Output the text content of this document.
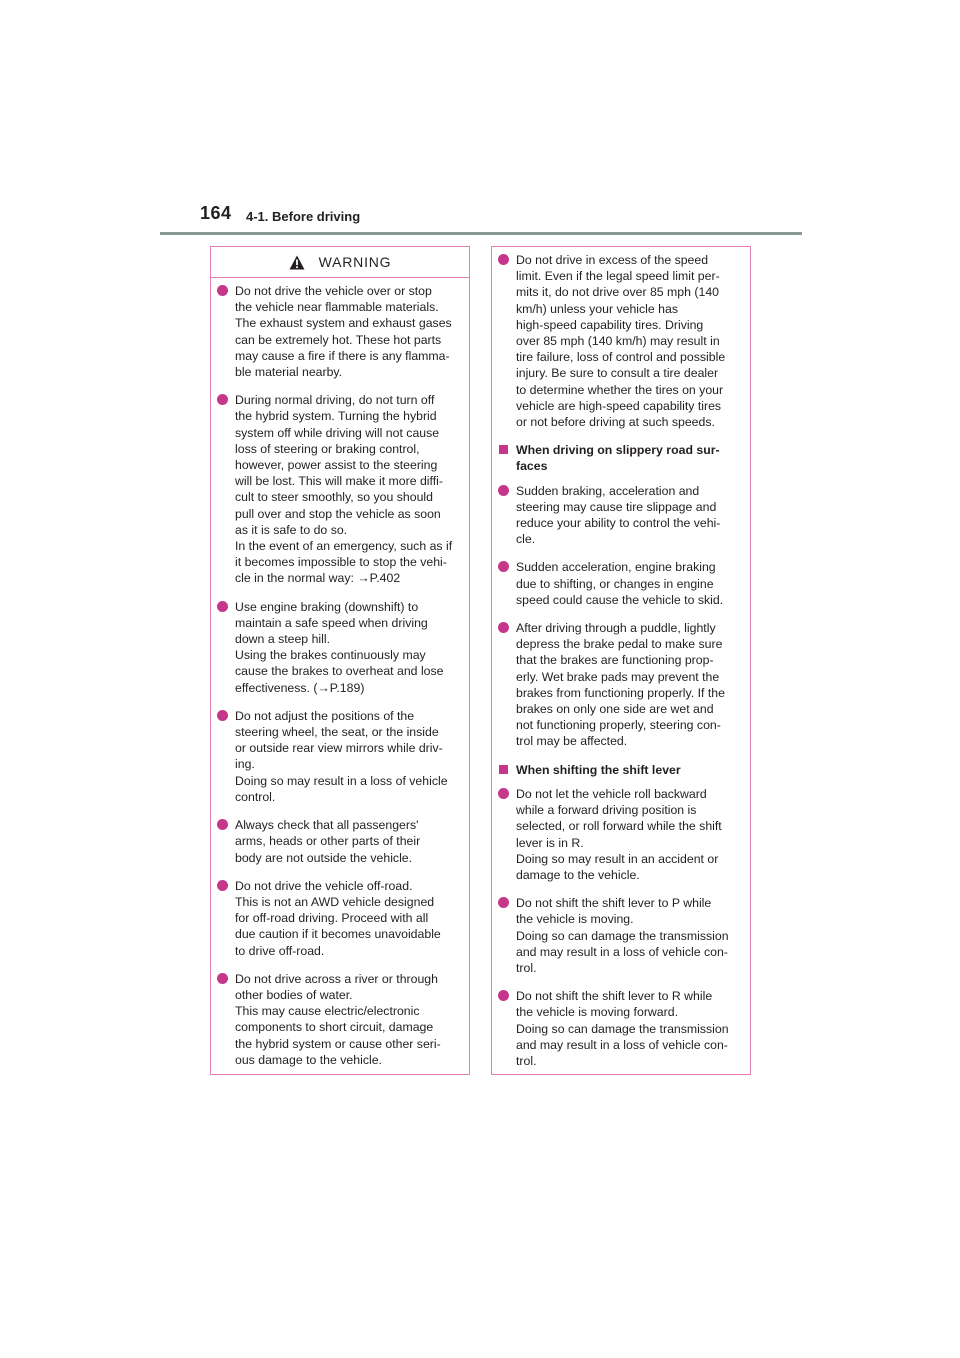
164 4-1. Before driving
WARNING
Do not drive the vehicle over or stop
the vehicle near flammable materials.
The exhaust system and exhaust gases
can be extremely hot. These hot parts
may cause a fire if there is any flamma-
ble material nearby.
During normal driving, do not turn off
the hybrid system. Turning the hybrid
system off while driving will not cause
loss of steering or braking control,
however, power assist to the steering
will be lost. This will make it more diffi-
cult to steer smoothly, so you should
pull over and stop the vehicle as soon
as it is safe to do so.
In the event of an emergency, such as if
it becomes impossible to stop the vehi-
cle in the normal way: →P.402
Use engine braking (downshift) to
maintain a safe speed when driving
down a steep hill.
Using the brakes continuously may
cause the brakes to overheat and lose
effectiveness. (→P.189)
Do not adjust the positions of the
steering wheel, the seat, or the inside
or outside rear view mirrors while driv-
ing.
Doing so may result in a loss of vehicle
control.
Always check that all passengers'
arms, heads or other parts of their
body are not outside the vehicle.
Do not drive the vehicle off-road.
This is not an AWD vehicle designed
for off-road driving. Proceed with all
due caution if it becomes unavoidable
to drive off-road.
Do not drive across a river or through
other bodies of water.
This may cause electric/electronic
components to short circuit, damage
the hybrid system or cause other seri-
ous damage to the vehicle.
Do not drive in excess of the speed
limit. Even if the legal speed limit per-
mits it, do not drive over 85 mph (140
km/h) unless your vehicle has
high-speed capability tires. Driving
over 85 mph (140 km/h) may result in
tire failure, loss of control and possible
injury. Be sure to consult a tire dealer
to determine whether the tires on your
vehicle are high-speed capability tires
or not before driving at such speeds.
When driving on slippery road sur-
faces
Sudden braking, acceleration and
steering may cause tire slippage and
reduce your ability to control the vehi-
cle.
Sudden acceleration, engine braking
due to shifting, or changes in engine
speed could cause the vehicle to skid.
After driving through a puddle, lightly
depress the brake pedal to make sure
that the brakes are functioning prop-
erly. Wet brake pads may prevent the
brakes from functioning properly. If the
brakes on only one side are wet and
not functioning properly, steering con-
trol may be affected.
When shifting the shift lever
Do not let the vehicle roll backward
while a forward driving position is
selected, or roll forward while the shift
lever is in R.
Doing so may result in an accident or
damage to the vehicle.
Do not shift the shift lever to P while
the vehicle is moving.
Doing so can damage the transmission
and may result in a loss of vehicle con-
trol.
Do not shift the shift lever to R while
the vehicle is moving forward.
Doing so can damage the transmission
and may result in a loss of vehicle con-
trol.
